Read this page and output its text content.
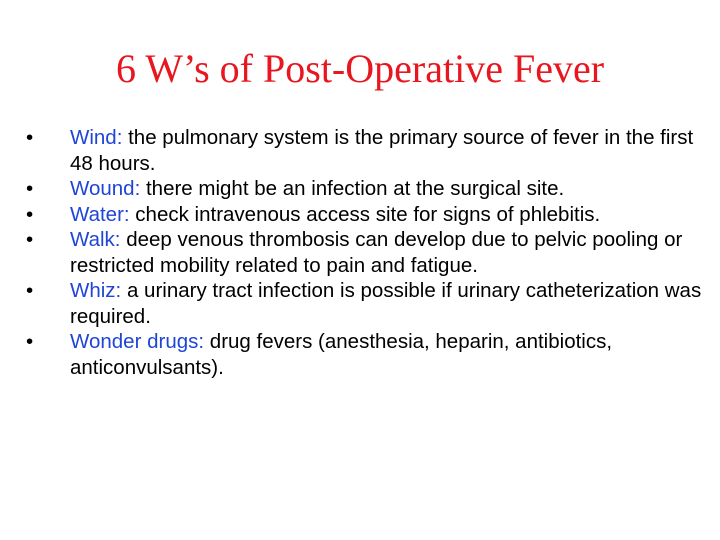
6 W’s of Post-Operative Fever
•	Wind: the pulmonary system is the primary source of fever in the first 48 hours.
•	Wound: there might be an infection at the surgical site.
•	Water: check intravenous access site for signs of phlebitis.
•	Walk: deep venous thrombosis can develop due to pelvic pooling or restricted mobility related to pain and fatigue.
•	Whiz: a urinary tract infection is possible if urinary catheterization was required.
•	Wonder drugs: drug fevers (anesthesia, heparin, antibiotics, anticonvulsants).
